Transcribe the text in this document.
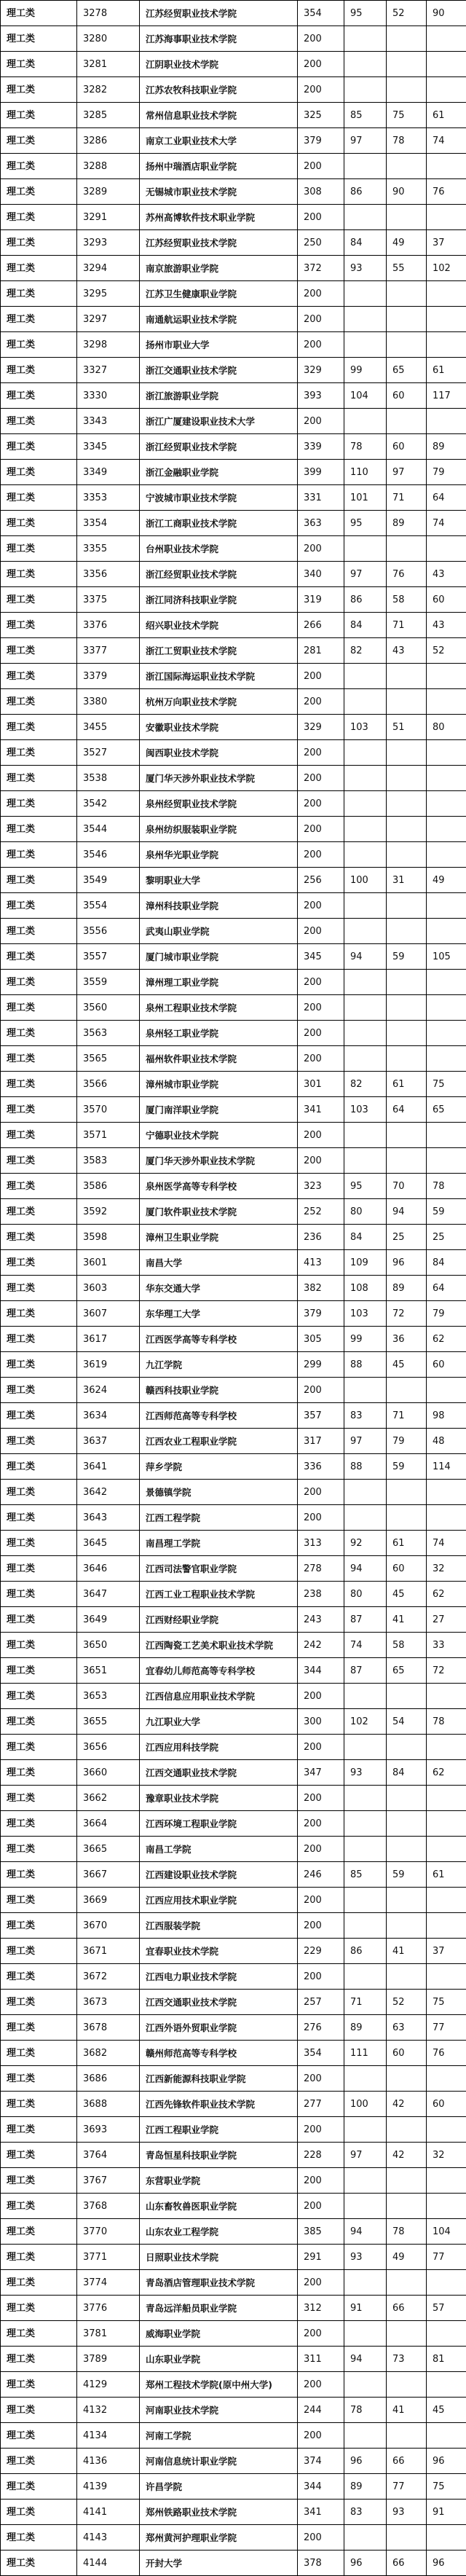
理工类	3278	江苏经贸职业技术学院	354	95	52	90
理工类	3280	江苏海事职业技术学院	200			
理工类	3281	江阴职业技术学院	200			
理工类	3282	江苏农牧科技职业学院	200			
理工类	3285	常州信息职业技术学院	325	85	75	61
理工类	3286	南京工业职业技术大学	379	97	78	74
理工类	3288	扬州中瑞酒店职业学院	200			
理工类	3289	无锡城市职业技术学院	308	86	90	76
理工类	3291	苏州高博软件技术职业学院	200			
理工类	3293	江苏经贸职业技术学院	250	84	49	37
理工类	3294	南京旅游职业学院	372	93	55	102
理工类	3295	江苏卫生健康职业学院	200			
理工类	3297	南通航运职业技术学院	200			
理工类	3298	扬州市职业大学	200			
理工类	3327	浙江交通职业技术学院	329	99	65	61
理工类	3330	浙江旅游职业学院	393	104	60	117
理工类	3343	浙江广厦建设职业技术大学	200			
理工类	3345	浙江经贸职业技术学院	339	78	60	89
理工类	3349	浙江金融职业学院	399	110	97	79
理工类	3353	宁波城市职业技术学院	331	101	71	64
理工类	3354	浙江工商职业技术学院	363	95	89	74
理工类	3355	台州职业技术学院	200			
理工类	3356	浙江经贸职业技术学院	340	97	76	43
理工类	3375	浙江同济科技职业学院	319	86	58	60
理工类	3376	绍兴职业技术学院	266	84	71	43
理工类	3377	浙江工贸职业技术学院	281	82	43	52
理工类	3379	浙江国际海运职业技术学院	200			
理工类	3380	杭州万向职业技术学院	200			
理工类	3455	安徽职业技术学院	329	103	51	80
理工类	3527	闽西职业技术学院	200			
理工类	3538	厦门华天涉外职业技术学院	200			
理工类	3542	泉州经贸职业技术学院	200			
理工类	3544	泉州纺织服装职业学院	200			
理工类	3546	泉州华光职业学院	200			
理工类	3549	黎明职业大学	256	100	31	49
理工类	3554	漳州科技职业学院	200			
理工类	3556	武夷山职业学院	200			
理工类	3557	厦门城市职业学院	345	94	59	105
理工类	3559	漳州理工职业学院	200			
理工类	3560	泉州工程职业技术学院	200			
理工类	3563	泉州轻工职业学院	200			
理工类	3565	福州软件职业技术学院	200			
理工类	3566	漳州城市职业学院	301	82	61	75
理工类	3570	厦门南洋职业学院	341	103	64	65
理工类	3571	宁德职业技术学院	200			
理工类	3583	厦门华天涉外职业技术学院	200			
理工类	3586	泉州医学高等专科学校	323	95	70	78
理工类	3592	厦门软件职业技术学院	252	80	94	59
理工类	3598	漳州卫生职业学院	236	84	25	25
理工类	3601	南昌大学	413	109	96	84
理工类	3603	华东交通大学	382	108	89	64
理工类	3607	东华理工大学	379	103	72	79
理工类	3617	江西医学高等专科学校	305	99	36	62
理工类	3619	九江学院	299	88	45	60
理工类	3624	赣西科技职业学院	200			
理工类	3634	江西师范高等专科学校	357	83	71	98
理工类	3637	江西农业工程职业学院	317	97	79	48
理工类	3641	萍乡学院	336	88	59	114
理工类	3642	景德镇学院	200			
理工类	3643	江西工程学院	200			
理工类	3645	南昌理工学院	313	92	61	74
理工类	3646	江西司法警官职业学院	278	94	60	32
理工类	3647	江西工业工程职业技术学院	238	80	45	62
理工类	3649	江西财经职业学院	243	87	41	27
理工类	3650	江西陶瓷工艺美术职业技术学院	242	74	58	33
理工类	3651	宜春幼儿师范高等专科学校	344	87	65	72
理工类	3653	江西信息应用职业技术学院	200			
理工类	3655	九江职业大学	300	102	54	78
理工类	3656	江西应用科技学院	200			
理工类	3660	江西交通职业技术学院	347	93	84	62
理工类	3662	豫章职业技术学院	200			
理工类	3664	江西环境工程职业学院	200			
理工类	3665	南昌工学院	200			
理工类	3667	江西建设职业技术学院	246	85	59	61
理工类	3669	江西应用技术职业学院	200			
理工类	3670	江西服装学院	200			
理工类	3671	宜春职业技术学院	229	86	41	37
理工类	3672	江西电力职业技术学院	200			
理工类	3673	江西交通职业技术学院	257	71	52	75
理工类	3678	江西外语外贸职业学院	276	89	63	77
理工类	3682	赣州师范高等专科学校	354	111	60	76
理工类	3686	江西新能源科技职业学院	200			
理工类	3688	江西先锋软件职业技术学院	277	100	42	60
理工类	3693	江西工程职业学院	200			
理工类	3764	青岛恒星科技职业学院	228	97	42	32
理工类	3767	东营职业学院	200			
理工类	3768	山东畜牧兽医职业学院	200			
理工类	3770	山东农业工程学院	385	94	78	104
理工类	3771	日照职业技术学院	291	93	49	77
理工类	3774	青岛酒店管理职业技术学院	200			
理工类	3776	青岛远洋船员职业学院	312	91	66	57
理工类	3781	威海职业学院	200			
理工类	3789	山东职业学院	311	94	73	81
理工类	4129	郑州工程技术学院(原中州大学)	200			
理工类	4132	河南职业技术学院	244	78	41	45
理工类	4134	河南工学院	200			
理工类	4136	河南信息统计职业学院	374	96	66	96
理工类	4139	许昌学院	344	89	77	75
理工类	4141	郑州铁路职业技术学院	341	83	93	91
理工类	4143	郑州黄河护理职业学院	200			
理工类	4144	开封大学	378	96	66	96
